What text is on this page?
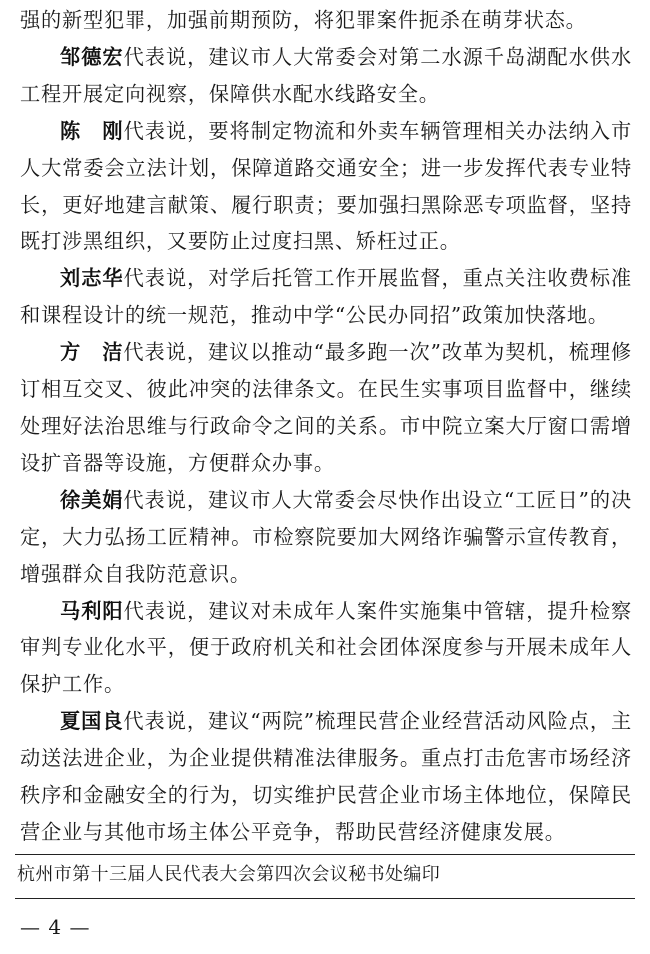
强的新型犯罪，加强前期预防，将犯罪案件扼杀在萌芽状态。

邹德宏代表说，建议市人大常委会对第二水源千岛湖配水供水工程开展定向视察，保障供水配水线路安全。

陈　刚代表说，要将制定物流和外卖车辆管理相关办法纳入市人大常委会立法计划，保障道路交通安全；进一步发挥代表专业特长，更好地建言献策、履行职责；要加强扫黑除恶专项监督，坚持既打涉黑组织，又要防止过度扫黑、矫枉过正。

刘志华代表说，对学后托管工作开展监督，重点关注收费标准和课程设计的统一规范，推动中学“公民办同招”政策加快落地。

方　洁代表说，建议以推动“最多跑一次”改革为契机，梳理修订相互交叉、彼此冲突的法律条文。在民生实事项目监督中，继续处理好法治思维与行政命令之间的关系。市中院立案大厅窗口需增设扩音器等设施，方便群众办事。

徐美娟代表说，建议市人大常委会尽快作出设立“工匠日”的决定，大力弘扬工匠精神。市检察院要加大网络诈骗警示宣传教育，增强群众自我防范意识。

马利阳代表说，建议对未成年人案件实施集中管辖，提升检察审判专业化水平，便于政府机关和社会团体深度参与开展未成年人保护工作。

夏国良代表说，建议“两院”梳理民营企业经营活动风险点，主动送法进企业，为企业提供精准法律服务。重点打击危害市场经济秩序和金融安全的行为，切实维护民营企业市场主体地位，保障民营企业与其他市场主体公平竞争，帮助民营经济健康发展。

杭州市第十三届人民代表大会第四次会议秘书处编印
— 4 —
